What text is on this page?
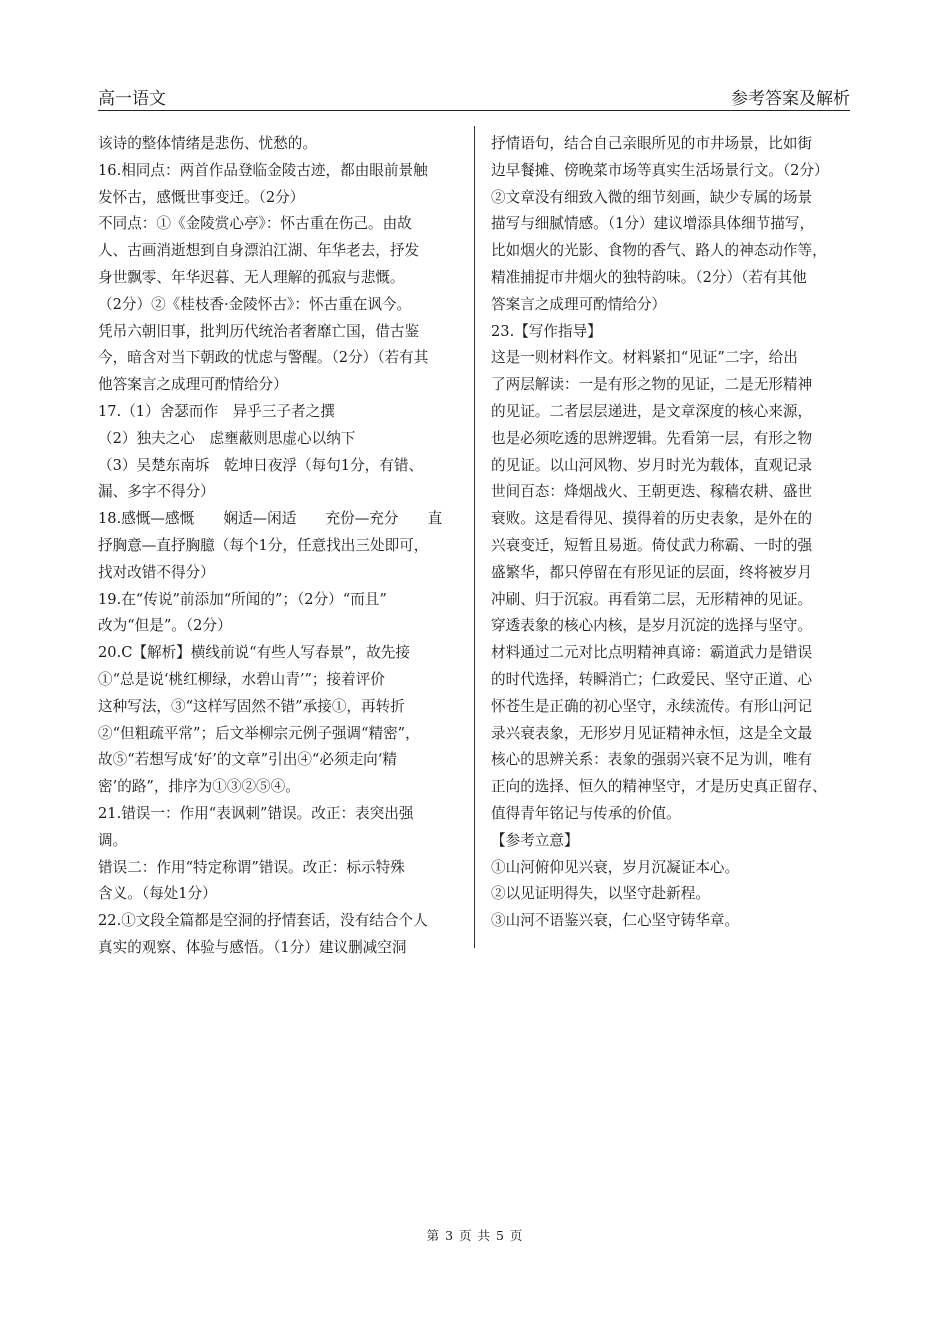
高一语文	参考答案及解析
该诗的整体情绪是悲伤、忧愁的。
16.相同点：两首作品登临金陵古迹，都由眼前景触
发怀古，感慨世事变迁。（2分）
不同点：①《金陵赏心亭》：怀古重在伤己。由故
人、古画消逝想到自身漂泊江湖、年华老去，抒发
身世飘零、年华迟暮、无人理解的孤寂与悲慨。
（2分）②《桂枝香·金陵怀古》：怀古重在讽今。
凭吊六朝旧事，批判历代统治者奢靡亡国，借古鉴
今，暗含对当下朝政的忧虑与警醒。（2分）（若有其
他答案言之成理可酌情给分）
17.（1）舍瑟而作　异乎三子者之撰
（2）独夫之心　虑壅蔽则思虚心以纳下
（3）吴楚东南坼　乾坤日夜浮（每句1分，有错、
漏、多字不得分）
18.感慨—感慨　　娴适—闲适　　充份—充分　　直
抒胸意—直抒胸臆（每个1分，任意找出三处即可，
找对改错不得分）
19.在“传说”前添加“所闻的”；（2分）“而且”
改为“但是”。（2分）
20.C【解析】横线前说“有些人写春景”，故先接
①“总是说‘桃红柳绿，水碧山青’”；接着评价
这种写法，③“这样写固然不错”承接①，再转折
②“但粗疏平常”；后文举柳宗元例子强调“精密”，
故⑤“若想写成‘好’的文章”引出④“必须走向‘精
密’的路”，排序为①③②⑤④。
21.错误一：作用“表讽刺”错误。改正：表突出强
调。
错误二：作用“特定称谓”错误。改正：标示特殊
含义。（每处1分）
22.①文段全篇都是空洞的抒情套话，没有结合个人
真实的观察、体验与感悟。（1分）建议删减空洞
抒情语句，结合自己亲眼所见的市井场景，比如街
边早餐摊、傍晚菜市场等真实生活场景行文。（2分）
②文章没有细致入微的细节刻画，缺少专属的场景
描写与细腻情感。（1分）建议增添具体细节描写，
比如烟火的光影、食物的香气、路人的神态动作等，
精准捕捉市井烟火的独特韵味。（2分）（若有其他
答案言之成理可酌情给分）
23.【写作指导】
这是一则材料作文。材料紧扣“见证”二字，给出
了两层解读：一是有形之物的见证，二是无形精神
的见证。二者层层递进，是文章深度的核心来源，
也是必须吃透的思辨逻辑。先看第一层，有形之物
的见证。以山河风物、岁月时光为载体，直观记录
世间百态：烽烟战火、王朝更迭、稼穑农耕、盛世
衰败。这是看得见、摸得着的历史表象，是外在的
兴衰变迁，短暂且易逝。倚仗武力称霸、一时的强
盛繁华，都只停留在有形见证的层面，终将被岁月
冲刷、归于沉寂。再看第二层，无形精神的见证。
穿透表象的核心内核，是岁月沉淀的选择与坚守。
材料通过二元对比点明精神真谛：霸道武力是错误
的时代选择，转瞬消亡；仁政爱民、坚守正道、心
怀苍生是正确的初心坚守，永续流传。有形山河记
录兴衰表象，无形岁月见证精神永恒，这是全文最
核心的思辨关系：表象的强弱兴衰不足为训，唯有
正向的选择、恒久的精神坚守，才是历史真正留存、
值得青年铭记与传承的价值。
【参考立意】
①山河俯仰见兴衰，岁月沉凝证本心。
②以见证明得失，以坚守赴新程。
③山河不语鉴兴衰，仁心坚守铸华章。
第 3 页 共 5 页
